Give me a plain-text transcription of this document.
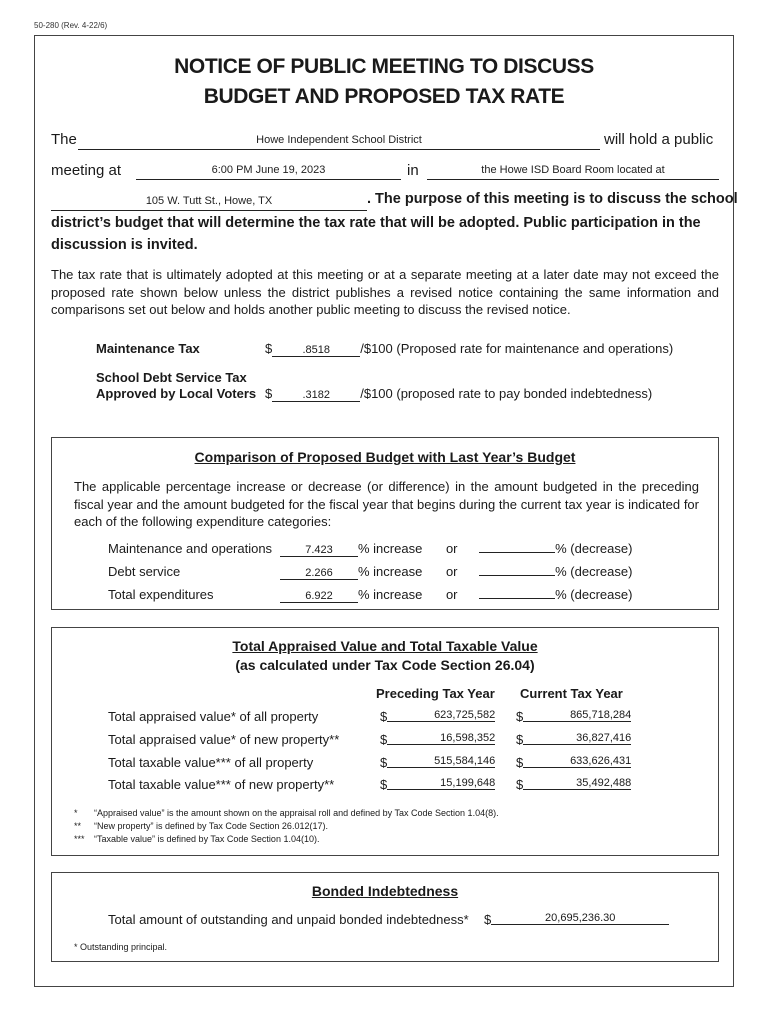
50-280 (Rev. 4-22/6)
NOTICE OF PUBLIC MEETING TO DISCUSS
BUDGET AND PROPOSED TAX RATE
The	Howe Independent School District	will hold a public
meeting at	6:00 PM June 19, 2023	in	the Howe ISD Board Room located at
105 W. Tutt St., Howe, TX	. The purpose of this meeting is to discuss the school
district’s budget that will determine the tax rate that will be adopted. Public participation in the discussion is invited.
The tax rate that is ultimately adopted at this meeting or at a separate meeting at a later date may not exceed the proposed rate shown below unless the district publishes a revised notice containing the same information and comparisons set out below and holds another public meeting to discuss the revised notice.
Maintenance Tax	$	.8518 /$100 (Proposed rate for maintenance and operations)
School Debt Service Tax
Approved by Local Voters $	.3182 /$100 (proposed rate to pay bonded indebtedness)
Comparison of Proposed Budget with Last Year’s Budget
The applicable percentage increase or decrease (or difference) in the amount budgeted in the preceding fiscal year and the amount budgeted for the fiscal year that begins during the current tax year is indicated for each of the following expenditure categories:
Maintenance and operations	7.423 % increase or	% (decrease)
Debt service	2.266 % increase or	% (decrease)
Total expenditures	6.922 % increase or	% (decrease)
Total Appraised Value and Total Taxable Value
(as calculated under Tax Code Section 26.04)
Preceding Tax Year Current Tax Year
Total appraised value* of all property	$	623,725,582 $	865,718,284
Total appraised value* of new property**	$	16,598,352 $	36,827,416
Total taxable value*** of all property	$	515,584,146 $	633,626,431
Total taxable value*** of new property**	$	15,199,648 $	35,492,488
* “Appraised value” is the amount shown on the appraisal roll and defined by Tax Code Section 1.04(8).
** “New property” is defined by Tax Code Section 26.012(17).
*** “Taxable value” is defined by Tax Code Section 1.04(10).
Bonded Indebtedness
Total amount of outstanding and unpaid bonded indebtedness* $	20,695,236.30
* Outstanding principal.
